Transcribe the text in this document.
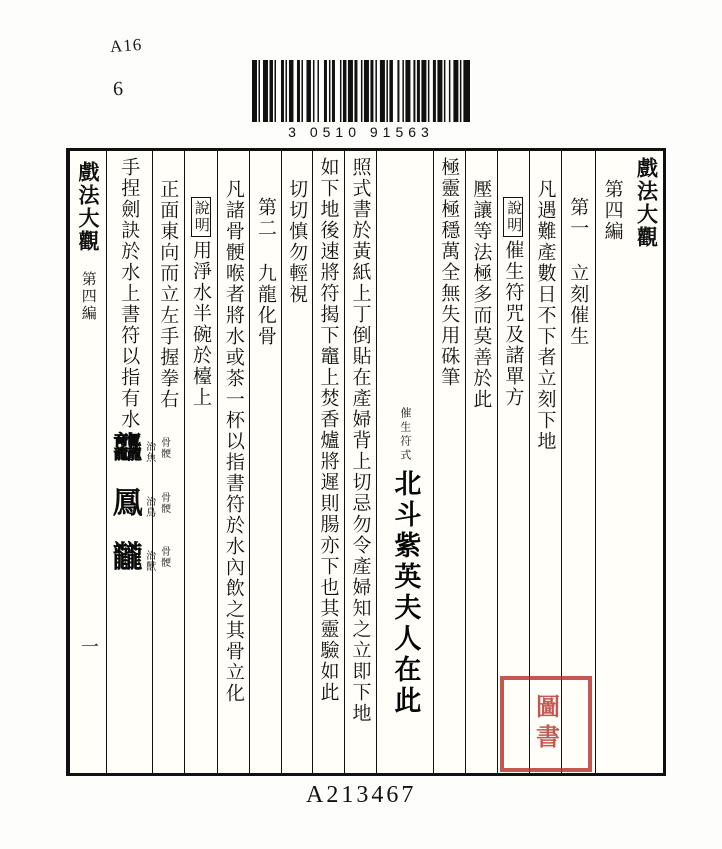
A16
6
3 0510 91563
戲法大觀
第四編
第一 立刻催生
凡遇難產數日不下者立刻下地
說明
催生符咒及諸單方
壓讓等法極多而莫善於此
極靈極穩萬全無失用硃筆
催生符式
北斗紫英夫人在此
照式書於黃紙上丁倒貼在產婦背上切忌勿令產婦知之立即下地
如下地後速將符揭下竈上焚香爐將遲則腸亦下也其靈驗如此
切切慎勿輕視
第二 九龍化骨
凡諸骨骾喉者將水或茶一杯以指書符於水內飲之其骨立化
說明
用淨水半碗於檯上
正面東向而立左手握拳右
手捏劍訣於水上書符以指有水
龘 治魚 骨骾
鳳 治鳥 骨骾
龖 治獸 骨骾
戲法大觀
第四編
一
圖書
A213467
